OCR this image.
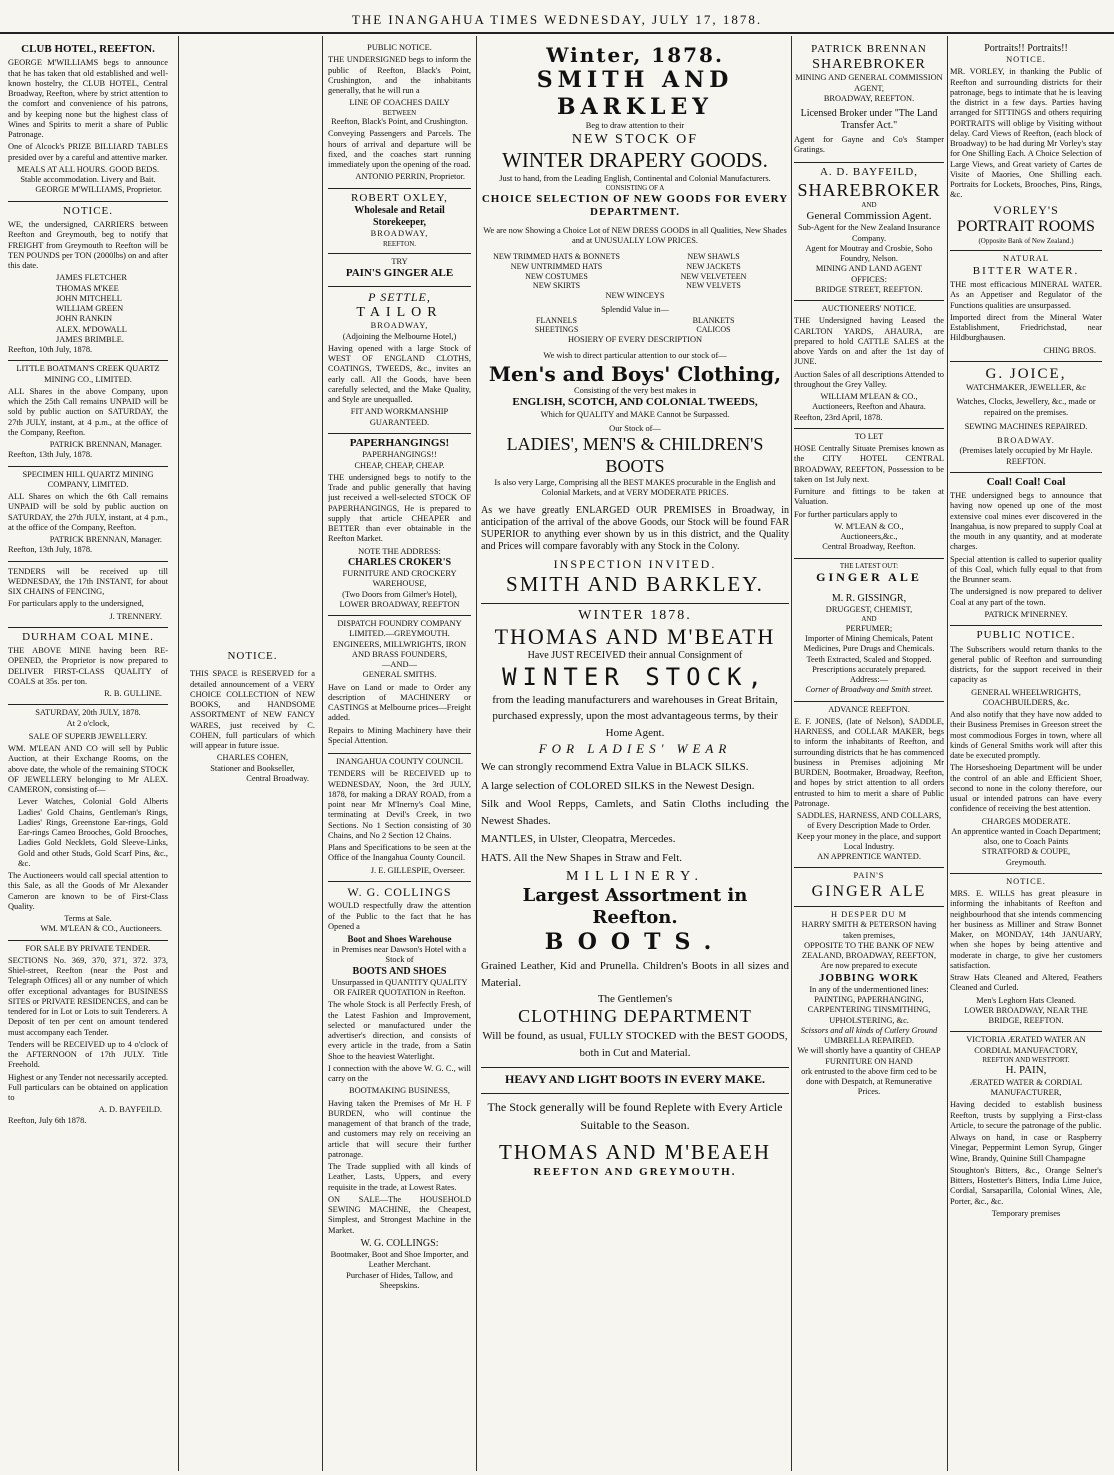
THE INANGAHUA TIMES WEDNESDAY, JULY 17, 1878.
CLUB HOTEL, REEFTON.

GEORGE M'WILLIAMS begs to announce that he has taken that old established and well-known hostelry, the CLUB HOTEL, Central Broadway, Reefton, where by strict attention to the comfort and convenience of his patrons, and by keeping none but the highest class of Wines and Spirits to merit a share of Public Patronage.

One of Alcock's PRIZE BILLIARD TABLES presided over by a careful and attentive marker.

MEALS AT ALL HOURS. GOOD BEDS.
Stable accommodation. Livery and Bait.
GEORGE M'WILLIAMS, Proprietor.
NOTICE.

WE, the undersigned, CARRIERS between Reefton and Greymouth, beg to notify that FREIGHT from Greymouth to Reefton will be TEN POUNDS per TON (2000lbs) on and after this date.

JAMES FLETCHER
THOMAS M'KEE
JOHN MITCHELL
WILLIAM GREEN
JOHN RANKIN
ALEX. M'DOWALL
JAMES BRIMBLE.
Reefton, 10th July, 1878.
LITTLE BOATMAN'S CREEK QUARTZ MINING CO., LIMITED.

ALL Shares in the above Company, upon which the 25th Call remains UNPAID will be sold by public auction on SATURDAY, the 27th JULY, instant, at 4 p.m., at the office of the Company, Reefton.

PATRICK BRENNAN, Manager.
Reefton, 13th July, 1878.
SPECIMEN HILL QUARTZ MINING COMPANY, LIMITED.

ALL Shares on which the 6th Call remains UNPAID will be sold by public auction on SATURDAY, the 27th JULY, instant, at 4 p.m., at the office of the Company, Reefton.

PATRICK BRENNAN, Manager.
Reefton, 13th July, 1878.

TENDERS will be received up till WEDNESDAY, the 17th INSTANT, for about SIX CHAINS of FENCING,

For particulars apply to the undersigned,

J. TRENNERY.
DURHAM COAL MINE.

THE ABOVE MINE having been RE-OPENED, the Proprietor is now prepared to DELIVER FIRST-CLASS QUALITY of COALS at 35s. per ton.

R. B. GULLINE.
SATURDAY, 20th JULY, 1878.
At 2 o'clock,
SALE OF SUPERB JEWELLERY.

WM. M'LEAN AND CO will sell by Public Auction, at their Exchange Rooms, on the above date, the whole of the remaining STOCK OF JEWELLERY belonging to Mr ALEX. CAMERON, consisting of—

Lever Watches, Colonial Gold Alberts Ladies' Gold Chains, Gentleman's Rings, Ladies' Rings, Greenstone Ear-rings, Gold Ear-rings Cameo Brooches, Gold Brooches, Ladies Gold Necklets, Gold Sleeve-Links, Gold and other Studs, Gold Scarf Pins, &c., &c.

The Auctioneers would call special attention to this Sale, as all the Goods of Mr Alexander Cameron are known to be of First-Class Quality.

Terms at Sale.
WM. M'LEAN & CO., Auctioneers.
FOR SALE BY PRIVATE TENDER.

SECTIONS No. 369, 370, 371, 372. 373, Shiel-street, Reefton (near the Post and Telegraph Offices) all or any number of which offer exceptional advantages for BUSINESS SITES or PRIVATE RESIDENCES, and can be tendered for in Lot or Lots to suit Tenderers. A Deposit of ten per cent on amount tendered must accompany each Tender.

Tenders will be RECEIVED up to 4 o'clock of the AFTERNOON of 17th JULY. Title Freehold.

Highest or any Tender not necessarily accepted. Full particulars can be obtained on application to

A. D. BAYFEILD.
Reefton, July 6th 1878.
NOTICE.

THIS SPACE is RESERVED for a detailed announcement of a VERY CHOICE COLLECTION of NEW BOOKS, and HANDSOME ASSORTMENT of NEW FANCY WARES, just received by C. COHEN, full particulars of which will appear in future issue.

CHARLES COHEN,
Stationer and Bookseller,
Central Broadway.
PUBLIC NOTICE.

THE UNDERSIGNED begs to inform the public of Reefton, Black's Point, Crushington, and the inhabitants generally, that he will run a

LINE OF COACHES DAILY
BETWEEN
Reefton, Black's Point, and Crushington.

Conveying Passengers and Parcels. The hours of arrival and departure will be fixed, and the coaches start running immediately upon the opening of the road.

ANTONIO PERRIN, Proprietor.
ROBERT OXLEY,
Wholesale and Retail Storekeeper,
BROADWAY,
REEFTON.
TRY
PAIN'S GINGER ALE
P SETTLE,
TAILOR
BROADWAY,
(Adjoining the Melbourne Hotel,)

Having opened with a large Stock of WEST OF ENGLAND CLOTHS, COATINGS, TWEEDS, &c., invites an early call. All the Goods, have been carefully selected, and the Make Quality, and Style are unequalled.

FIT AND WORKMANSHIP GUARANTEED.
PAPERHANGINGS!
PAPERHANGINGS!!
CHEAP, CHEAP, CHEAP.

THE undersigned begs to notify to the Trade and public generally that having just received a well-selected STOCK OF PAPERHANGINGS, He is prepared to supply that article CHEAPER and BETTER than ever obtainable in the Reefton Market.

NOTE THE ADDRESS:
CHARLES CROKER'S
FURNITURE AND CROCKERY WAREHOUSE,
(Two Doors from Gilmer's Hotel),
LOWER BROADWAY, REEFTON
DISPATCH FOUNDRY COMPANY LIMITED.—GREYMOUTH.
ENGINEERS, MILLWRIGHTS, IRON AND BRASS FOUNDERS,
—AND—
GENERAL SMITHS.

Have on Land or made to Order any description of MACHINERY or CASTINGS at Melbourne prices—Freight added.

Repairs to Mining Machinery have their Special Attention.

INANGAHUA COUNTY COUNCIL

TENDERS will be RECEIVED up to WEDNESDAY, Noon, the 3rd JULY, 1878, for making a DRAY ROAD, from a point near Mr M'Inerny's Coal Mine, terminating at Devil's Creek, in two Sections. No 1 Section consisting of 30 Chains, and No 2 Section 12 Chains.

Plans and Specifications to be seen at the Office of the Inangahua County Council.

J. E. GILLESPIE, Overseer.
W. G. COLLINGS

WOULD respectfully draw the attention of the Public to the fact that he has Opened a

Boot and Shoes Warehouse
in Premises near Dawson's Hotel with a Stock of
BOOTS AND SHOES
Unsurpassed in QUANTITY QUALITY OR FAIRER QUOTATION in Reefton.

The whole Stock is all Perfectly Fresh, of the Latest Fashion and Improvement, selected or manufactured under the advertiser's direction, and consists of every article in the trade, from a Satin Shoe to the heaviest Waterlight.

I connection with the above W. G. C., will carry on the

BOOTMAKING BUSINESS,

Having taken the Premises of Mr H. F BURDEN, who will continue the management of that branch of the trade, and customers may rely on receiving an article that will secure their further patronage.

The Trade supplied with all kinds of Leather, Lasts, Uppers, and every requisite in the trade, at Lowest Rates.

ON SALE—The HOUSEHOLD SEWING MACHINE, the Cheapest, Simplest, and Strongest Machine in the Market.

W. G. COLLINGS:
Bootmaker, Boot and Shoe Importer, and Leather Merchant.
Purchaser of Hides, Tallow, and Sheepskins.
Winter, 1878.
SMITH AND BARKLEY
Beg to draw attention to their
NEW STOCK OF
WINTER DRAPERY GOODS.
Just to hand, from the Leading English, Continental and Colonial Manufacturers.
CONSISTING OF A
CHOICE SELECTION OF NEW GOODS FOR EVERY DEPARTMENT.
We are now Showing a Choice Lot of NEW DRESS GOODS in all Qualities, New Shades and at UNUSUALLY LOW PRICES.
NEW TRIMMED HATS & BONNETS	NEW SHAWLS
NEW UNTRIMMED HATS	NEW JACKETS
NEW COSTUMES	NEW VELVETEEN
NEW SKIRTS	NEW VELVETS
NEW WINCEYS
Splendid Value in—
FLANNELS	BLANKETS
SHEETINGS	CALICOS
HOSIERY OF EVERY DESCRIPTION
We wish to direct particular attention to our stock of—
Men's and Boys' Clothing,
Consisting of the very best makes in
ENGLISH, SCOTCH, AND COLONIAL TWEEDS,
Which for QUALITY and MAKE Cannot be Surpassed.
Our Stock of—
LADIES', MEN'S & CHILDREN'S BOOTS
Is also very Large, Comprising all the BEST MAKES procurable in the English and Colonial Markets, and at VERY MODERATE PRICES.

As we have greatly ENLARGED OUR PREMISES in Broadway, in anticipation of the arrival of the above Goods, our Stock will be found FAR SUPERIOR to anything ever shown by us in this district, and the Quality and Prices will compare favorably with any Stock in the Colony.

INSPECTION INVITED.
SMITH AND BARKLEY.
WINTER 1878.
THOMAS AND M'BEATH
Have JUST RECEIVED their annual Consignment of
WINTER STOCK,
from the leading manufacturers and warehouses in Great Britain, purchased expressly, upon the most advantageous terms, by their Home Agent.
FOR LADIES' WEAR

We can strongly recommend Extra Value in BLACK SILKS.

A large selection of COLORED SILKS in the Newest Design.

Silk and Wool Repps, Camlets, and Satin Cloths including the Newest Shades.

MANTLES, in Ulster, Cleopatra, Mercedes.

HATS. All the New Shapes in Straw and Felt.

MILLINERY.
Largest Assortment in Reefton.
BOOTS.

Grained Leather, Kid and Prunella. Children's Boots in all sizes and Material.

The Gentlemen's
CLOTHING DEPARTMENT
Will be found, as usual, FULLY STOCKED with the BEST GOODS, both in Cut and Material.
HEAVY AND LIGHT BOOTS IN EVERY MAKE.
The Stock generally will be found Replete with Every Article Suitable to the Season.
THOMAS AND M'BEAEH
REEFTON AND GREYMOUTH.
PATRICK BRENNAN
SHAREBROKER
MINING AND GENERAL COMMISSION AGENT,
BROADWAY, REEFTON.
Licensed Broker under "The Land Transfer Act."

Agent for Gayne and Co's Stamper Gratings.

A. D. BAYFEILD,
SHAREBROKER
AND
General Commission Agent.
Sub-Agent for the New Zealand Insurance Company.
Agent for Moutray and Crosbie, Soho Foundry, Nelson.
MINING AND LAND AGENT
OFFICES:
BRIDGE STREET, REEFTON.
AUCTIONEERS' NOTICE.

THE Undersigned having Leased the CARLTON YARDS, AHAURA, are prepared to hold CATTLE SALES at the above Yards on and after the 1st day of JUNE.

Auction Sales of all descriptions Attended to throughout the Grey Valley.

WILLIAM M'LEAN & CO.,
Auctioneers, Reefton and Ahaura.
Reefton, 23rd April, 1878.
TO LET

HOSE Centrally Situate Premises known as the CITY HOTEL CENTRAL BROADWAY, REEFTON, Possession to be taken on 1st July next.

Furniture and fittings to be taken at Valuation.

For further particulars apply to

W. M'LEAN & CO.,
Auctioneers,&c.,
Central Broadway, Reefton.
THE LATEST OUT:
GINGER ALE
M. R. GISSINGR,
DRUGGEST, CHEMIST,
AND
PERFUMER;
Importer of Mining Chemicals, Patent Medicines, Pure Drugs and Chemicals.
Teeth Extracted, Scaled and Stopped.
Prescriptions accurately prepared.
Address:—
Corner of Broadway and Smith street.
ADVANCE REEFTON.

E. F. JONES, (late of Nelson), SADDLE, HARNESS, and COLLAR MAKER, begs to inform the inhabitants of Reefton, and surrounding districts that he has commenced business in Premises adjoining Mr BURDEN, Bootmaker, Broadway, Reefton, and hopes by strict attention to all orders entrusted to him to merit a share of Public Patronage.

SADDLES, HARNESS, AND COLLARS, of Every Description Made to Order.
Keep your money in the place, and support Local Industry.
AN APPRENTICE WANTED.
PAIN'S
GINGER ALE
H DESPER DU M
HARRY SMITH & PETERSON having taken premises,
OPPOSITE TO THE BANK OF NEW ZEALAND, BROADWAY, REEFTON,
Are now prepared to execute
JOBBING WORK
In any of the undermentioned lines:
PAINTING, PAPERHANGING, CARPENTERING TINSMITHING, UPHOLSTERING, &c.
Scissors and all kinds of Cutlery Ground
UMBRELLA REPAIRED.
We will shortly have a quantity of CHEAP FURNITURE ON HAND
ork entrusted to the above firm ced to be done with Despatch, at Remunerative Prices.
Portraits!! Portraits!!
NOTICE.

MR. VORLEY, in thanking the Public of Reefton and surrounding districts for their patronage, begs to intimate that he is leaving the district in a few days. Parties having arranged for SITTINGS and others requiring PORTRAITS will oblige by Visiting without delay. Card Views of Reefton, (each block of Broadway) to be had during Mr Vorley's stay for One Shilling Each. A Choice Selection of Large Views, and Great variety of Cartes de Visite of Maories, One Shilling each. Portraits for Lockets, Brooches, Pins, Rings, &c.

VORLEY'S
PORTRAIT ROOMS
(Opposite Bank of New Zealand.)
NATURAL
BITTER WATER.

THE most efficacious MINERAL WATER. As an Appetiser and Regulator of the Functions qualities are unsurpassed.

Imported direct from the Mineral Water Establishment, Friedrichstad, near Hildburghausen.

CHING BROS.
G. JOICE,
WATCHMAKER, JEWELLER, &c
Watches, Clocks, Jewellery, &c., made or repaired on the premises.
SEWING MACHINES REPAIRED.
BROADWAY.
(Premises lately occupied by Mr Hayle.
REEFTON.
Coal! Coal! Coal

THE undersigned begs to announce that having now opened up one of the most extensive coal mines ever discovered in the Inangahua, is now prepared to supply Coal at the mouth in any quantity, and at moderate charges.

Special attention is called to superior quality of this Coal, which fully equal to that from the Brunner seam.

The undersigned is now prepared to deliver Coal at any part of the town.

PATRICK M'INERNEY.
PUBLIC NOTICE.

The Subscribers would return thanks to the general public of Reefton and surrounding districts, for the support received in their capacity as

GENERAL WHEELWRIGHTS, COACHBUILDERS, &c.

And also notify that they have now added to their Business Premises in Greeson street the most commodious Forges in town, where all kinds of General Smiths work will after this date be executed promptly.

The Horseshoeing Department will be under the control of an able and Efficient Shoer, second to none in the colony therefore, our usual or intended patrons can have every confidence of receiving the best attention.

CHARGES MODERATE.
An apprentice wanted in Coach Department; also, one to Coach Paints
STRATFORD & COUPE,
Greymouth.
NOTICE.

MRS. E. WILLS has great pleasure in informing the inhabitants of Reefton and neighbourhood that she intends commencing her business as Milliner and Straw Bonnet Maker, on MONDAY, 14th JANUARY, when she hopes by being attentive and moderate in charge, to give her customers satisfaction.

Straw Hats Cleaned and Altered, Feathers Cleaned and Curled.

Men's Leghorn Hats Cleaned.
LOWER BROADWAY, NEAR THE BRIDGE, REEFTON.
VICTORIA ÆRATED WATER AN CORDIAL MANUFACTORY,
REEFTON AND WESTPORT.
H. PAIN,
ÆRATED WATER & CORDIAL MANUFACTURER,

Having decided to establish business Reefton, trusts by supplying a First-class Article, to secure the patronage of the public.

Always on hand, in case or Raspberry Vinegar, Peppermint Lemon Syrup, Ginger Wine, Brandy, Quinine Still Champagne

Stoughton's Bitters, &c., Orange Selner's Bitters, Hostetter's Bitters, India Lime Juice, Cordial, Sarsaparilla, Colonial Wines, Ale, Porter, &c., &c.

Temporary premises
